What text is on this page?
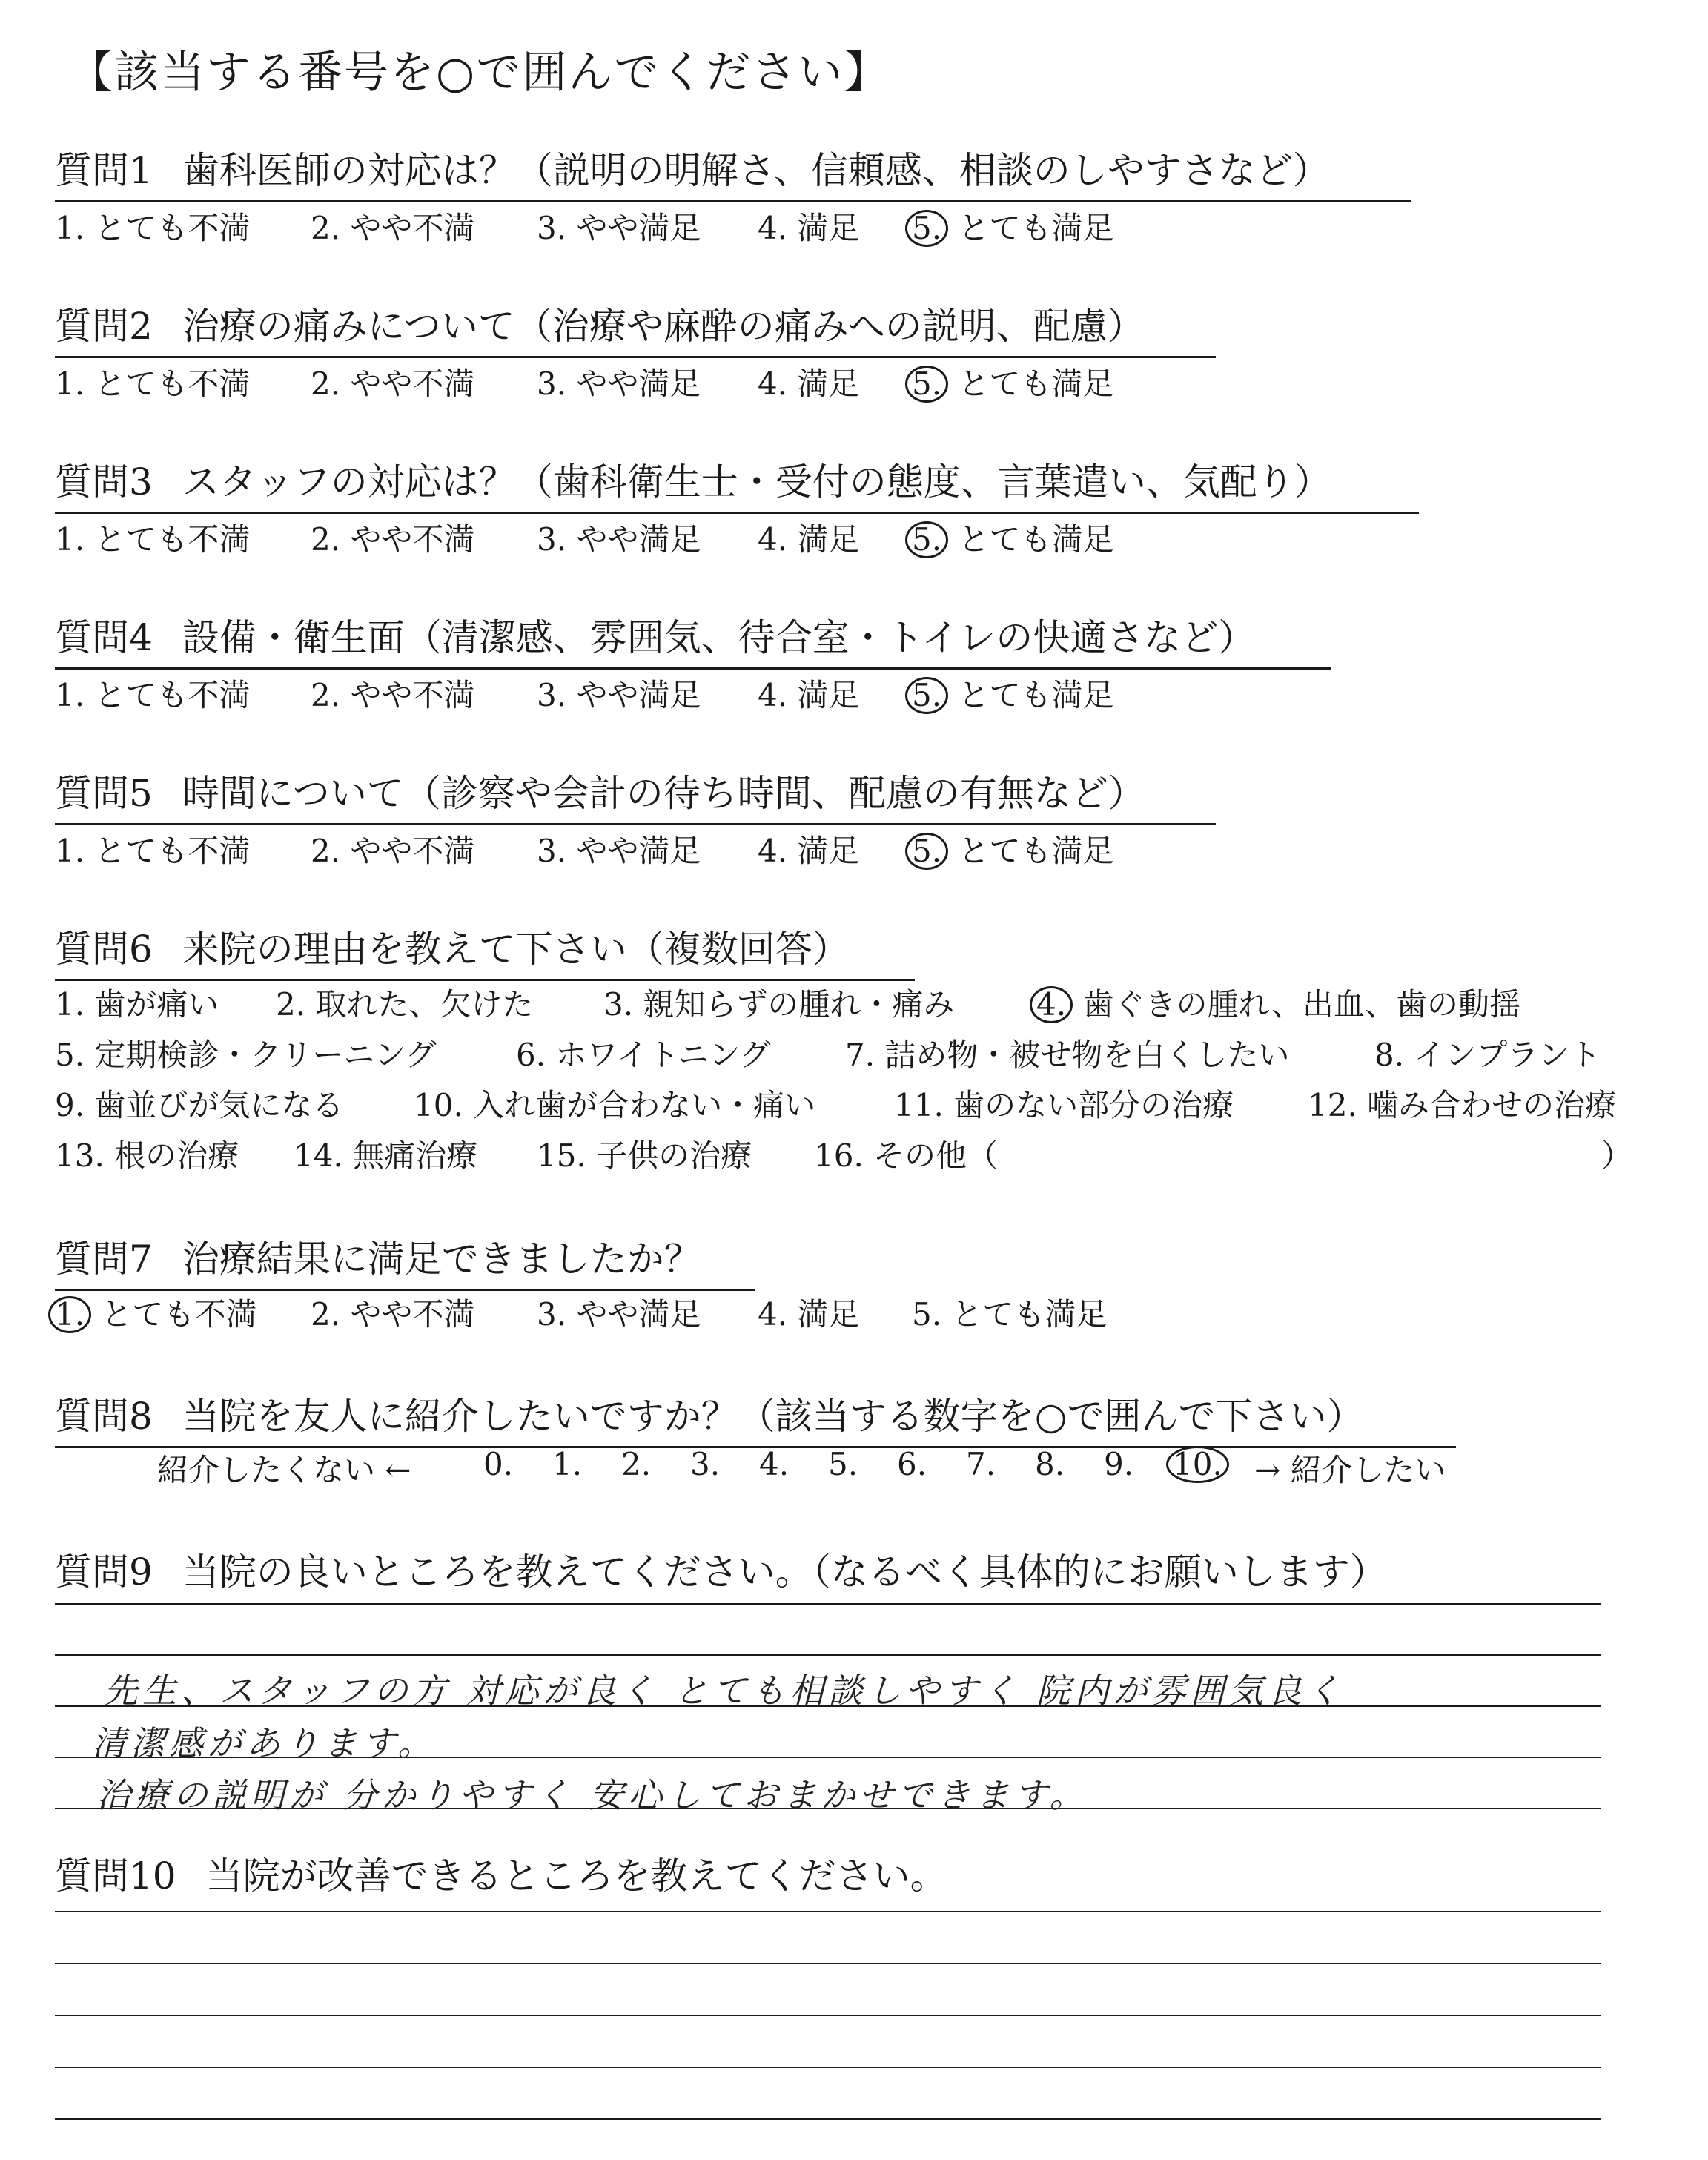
【該当する番号を○で囲んでください】
質問1 歯科医師の対応は？（説明の明解さ、信頼感、相談のしやすさなど）
1. とても不満 2. やや不満 3. やや満足 4. 満足 5. とても満足
質問2 治療の痛みについて（治療や麻酔の痛みへの説明、配慮）
1. とても不満 2. やや不満 3. やや満足 4. 満足 5. とても満足
質問3 スタッフの対応は？（歯科衛生士・受付の態度、言葉遣い、気配り）
1. とても不満 2. やや不満 3. やや満足 4. 満足 5. とても満足
質問4 設備・衛生面（清潔感、雰囲気、待合室・トイレの快適さなど）
1. とても不満 2. やや不満 3. やや満足 4. 満足 5. とても満足
質問5 時間について（診察や会計の待ち時間、配慮の有無など）
1. とても不満 2. やや不満 3. やや満足 4. 満足 5. とても満足
質問6 来院の理由を教えて下さい（複数回答）
1. 歯が痛い 2. 取れた、欠けた 3. 親知らずの腫れ・痛み	4. 歯ぐきの腫れ、出血、歯の動揺
5. 定期検診・クリーニング	6. ホワイトニング 7. 詰め物・被せ物を白くしたい	8. インプラント
9. 歯並びが気になる 10. 入れ歯が合わない・痛い	11. 歯のない部分の治療 12. 噛み合わせの治療
13. 根の治療 14. 無痛治療 15. 子供の治療 16. その他（	）
質問7 治療結果に満足できましたか？
1. とても不満 2. やや不満 3. やや満足 4. 満足 5. とても満足
質問8 当院を友人に紹介したいですか？（該当する数字を○で囲んで下さい）
紹介したくない ← 0. 1. 2. 3. 4. 5. 6. 7. 8. 9. 10. → 紹介したい
質問9 当院の良いところを教えてください。（なるべく具体的にお願いします）
先生、スタッフの方 対応が良く とても相談しやすく 院内が雰囲気良く
清潔感があります。
治療の説明が 分かりやすく 安心しておまかせできます。
質問10 当院が改善できるところを教えてください。
